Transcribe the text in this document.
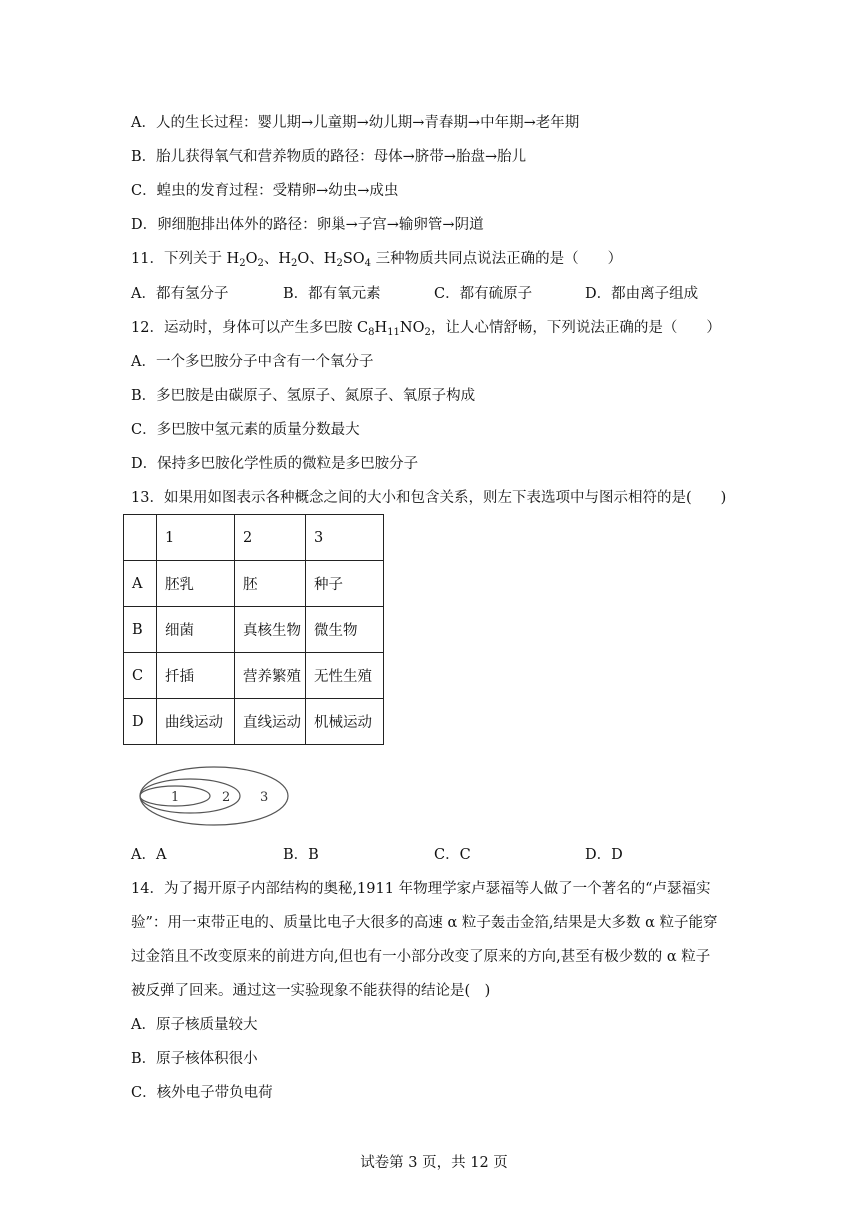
A．人的生长过程：婴儿期→儿童期→幼儿期→青春期→中年期→老年期
B．胎儿获得氧气和营养物质的路径：母体→脐带→胎盘→胎儿
C．蝗虫的发育过程：受精卵→幼虫→成虫
D．卵细胞排出体外的路径：卵巢→子宫→输卵管→阴道
11．下列关于 $H_2O_2$、$H_2O$、$H_2SO_4$ 三种物质共同点说法正确的是（　　）
A．都有氢分子	B．都有氧元素	C．都有硫原子	D．都由离子组成
12．运动时，身体可以产生多巴胺 $C_8H_{11}NO_2$，让人心情舒畅，下列说法正确的是（　　）
A．一个多巴胺分子中含有一个氧分子
B．多巴胺是由碳原子、氢原子、氮原子、氧原子构成
C．多巴胺中氢元素的质量分数最大
D．保持多巴胺化学性质的微粒是多巴胺分子
13．如果用如图表示各种概念之间的大小和包含关系，则左下表选项中与图示相符的是(　　)
	1	2	3
A	胚乳	胚	种子
B	细菌	真核生物	微生物
C	扦插	营养繁殖	无性生殖
D	曲线运动	直线运动	机械运动
1	2 3
A．A	B．B	C．C	D．D
14．为了揭开原子内部结构的奥秘,1911 年物理学家卢瑟福等人做了一个著名的“卢瑟福实
验”：用一束带正电的、质量比电子大很多的高速 α 粒子轰击金箔,结果是大多数 α 粒子能穿
过金箔且不改变原来的前进方向,但也有一小部分改变了原来的方向,甚至有极少数的 α 粒子
被反弹了回来。通过这一实验现象不能获得的结论是(　)
A．原子核质量较大
B．原子核体积很小
C．核外电子带负电荷
试卷第 3 页，共 12 页
